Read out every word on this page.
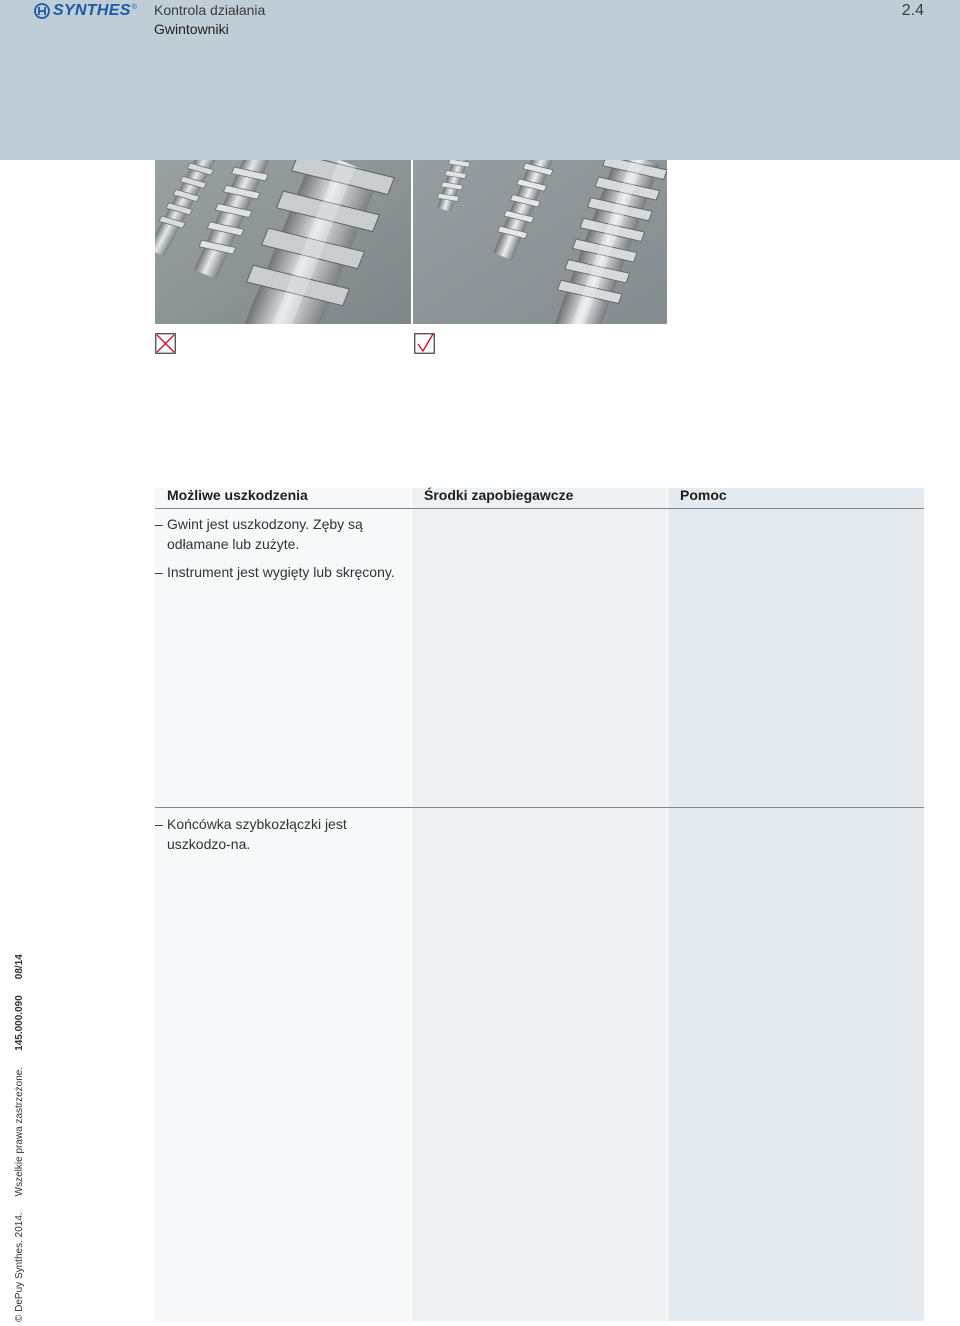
SYNTHES ® Kontrola działania
Gwintowniki
2.4
Możliwe uszkodzenia	Środki zapobiegawcze	Pomoc
– Gwint jest uszkodzony. Zęby są odłamane lub zużyte.
– Instrument jest wygięty lub skręcony.
– Końcówka szybkozłączki jest uszkodzo-na.
© DePuy Synthes. 2014.Wszelkie prawa zastrzeżone.145.000.09008/14
